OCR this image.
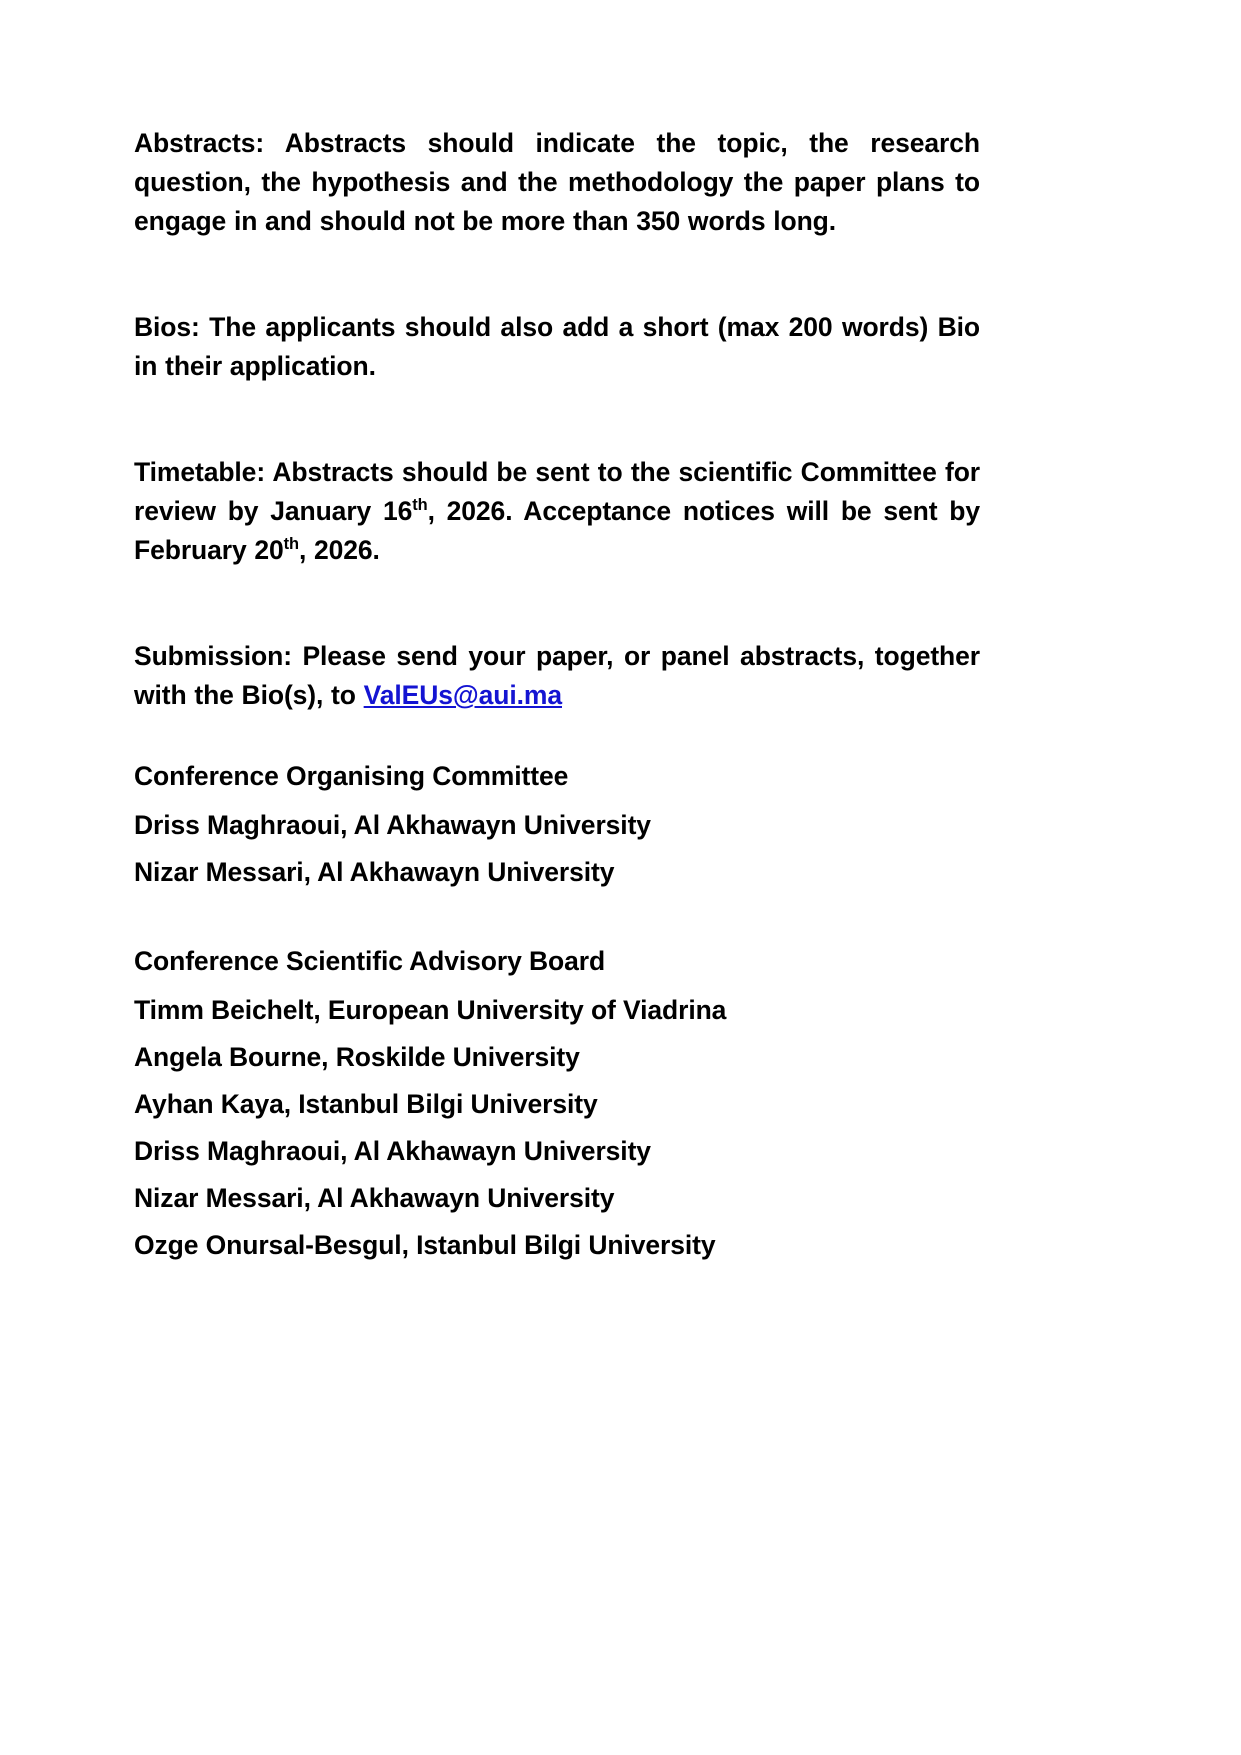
Abstracts: Abstracts should indicate the topic, the research question, the hypothesis and the methodology the paper plans to engage in and should not be more than 350 words long.

Bios: The applicants should also add a short (max 200 words) Bio in their application.

Timetable: Abstracts should be sent to the scientific Committee for review by January 16th, 2026. Acceptance notices will be sent by February 20th, 2026.

Submission: Please send your paper, or panel abstracts, together with the Bio(s), to ValEUs@aui.ma

Conference Organising Committee

Driss Maghraoui, Al Akhawayn University
Nizar Messari, Al Akhawayn University

Conference Scientific Advisory Board

Timm Beichelt, European University of Viadrina
Angela Bourne, Roskilde University
Ayhan Kaya, Istanbul Bilgi University
Driss Maghraoui, Al Akhawayn University
Nizar Messari, Al Akhawayn University
Ozge Onursal-Besgul, Istanbul Bilgi University
